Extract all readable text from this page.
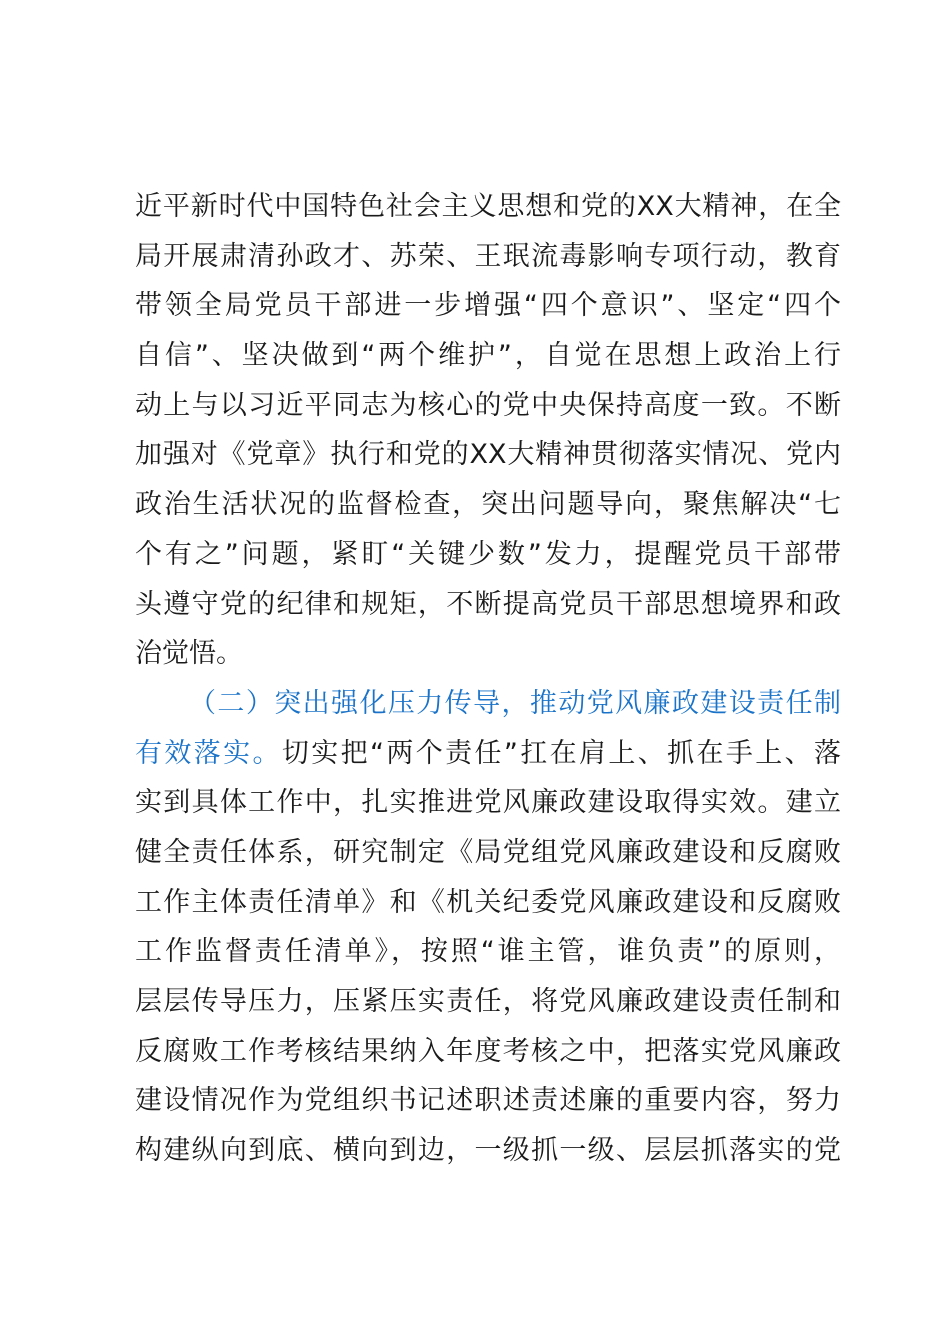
近平新时代中国特色社会主义思想和党的XX大精神，在全
局开展肃清孙政才、苏荣、王珉流毒影响专项行动，教育
带领全局党员干部进一步增强“四个意识”、坚定“四个
自信”、坚决做到“两个维护”，自觉在思想上政治上行
动上与以习近平同志为核心的党中央保持高度一致。不断
加强对《党章》执行和党的XX大精神贯彻落实情况、党内
政治生活状况的监督检查，突出问题导向，聚焦解决“七
个有之”问题，紧盯“关键少数”发力，提醒党员干部带
头遵守党的纪律和规矩，不断提高党员干部思想境界和政
治觉悟。
（二）突出强化压力传导，推动党风廉政建设责任制
有效落实。切实把“两个责任”扛在肩上、抓在手上、落
实到具体工作中，扎实推进党风廉政建设取得实效。建立
健全责任体系，研究制定《局党组党风廉政建设和反腐败
工作主体责任清单》和《机关纪委党风廉政建设和反腐败
工作监督责任清单》，按照“谁主管，谁负责”的原则，
层层传导压力，压紧压实责任，将党风廉政建设责任制和
反腐败工作考核结果纳入年度考核之中，把落实党风廉政
建设情况作为党组织书记述职述责述廉的重要内容，努力
构建纵向到底、横向到边，一级抓一级、层层抓落实的党
